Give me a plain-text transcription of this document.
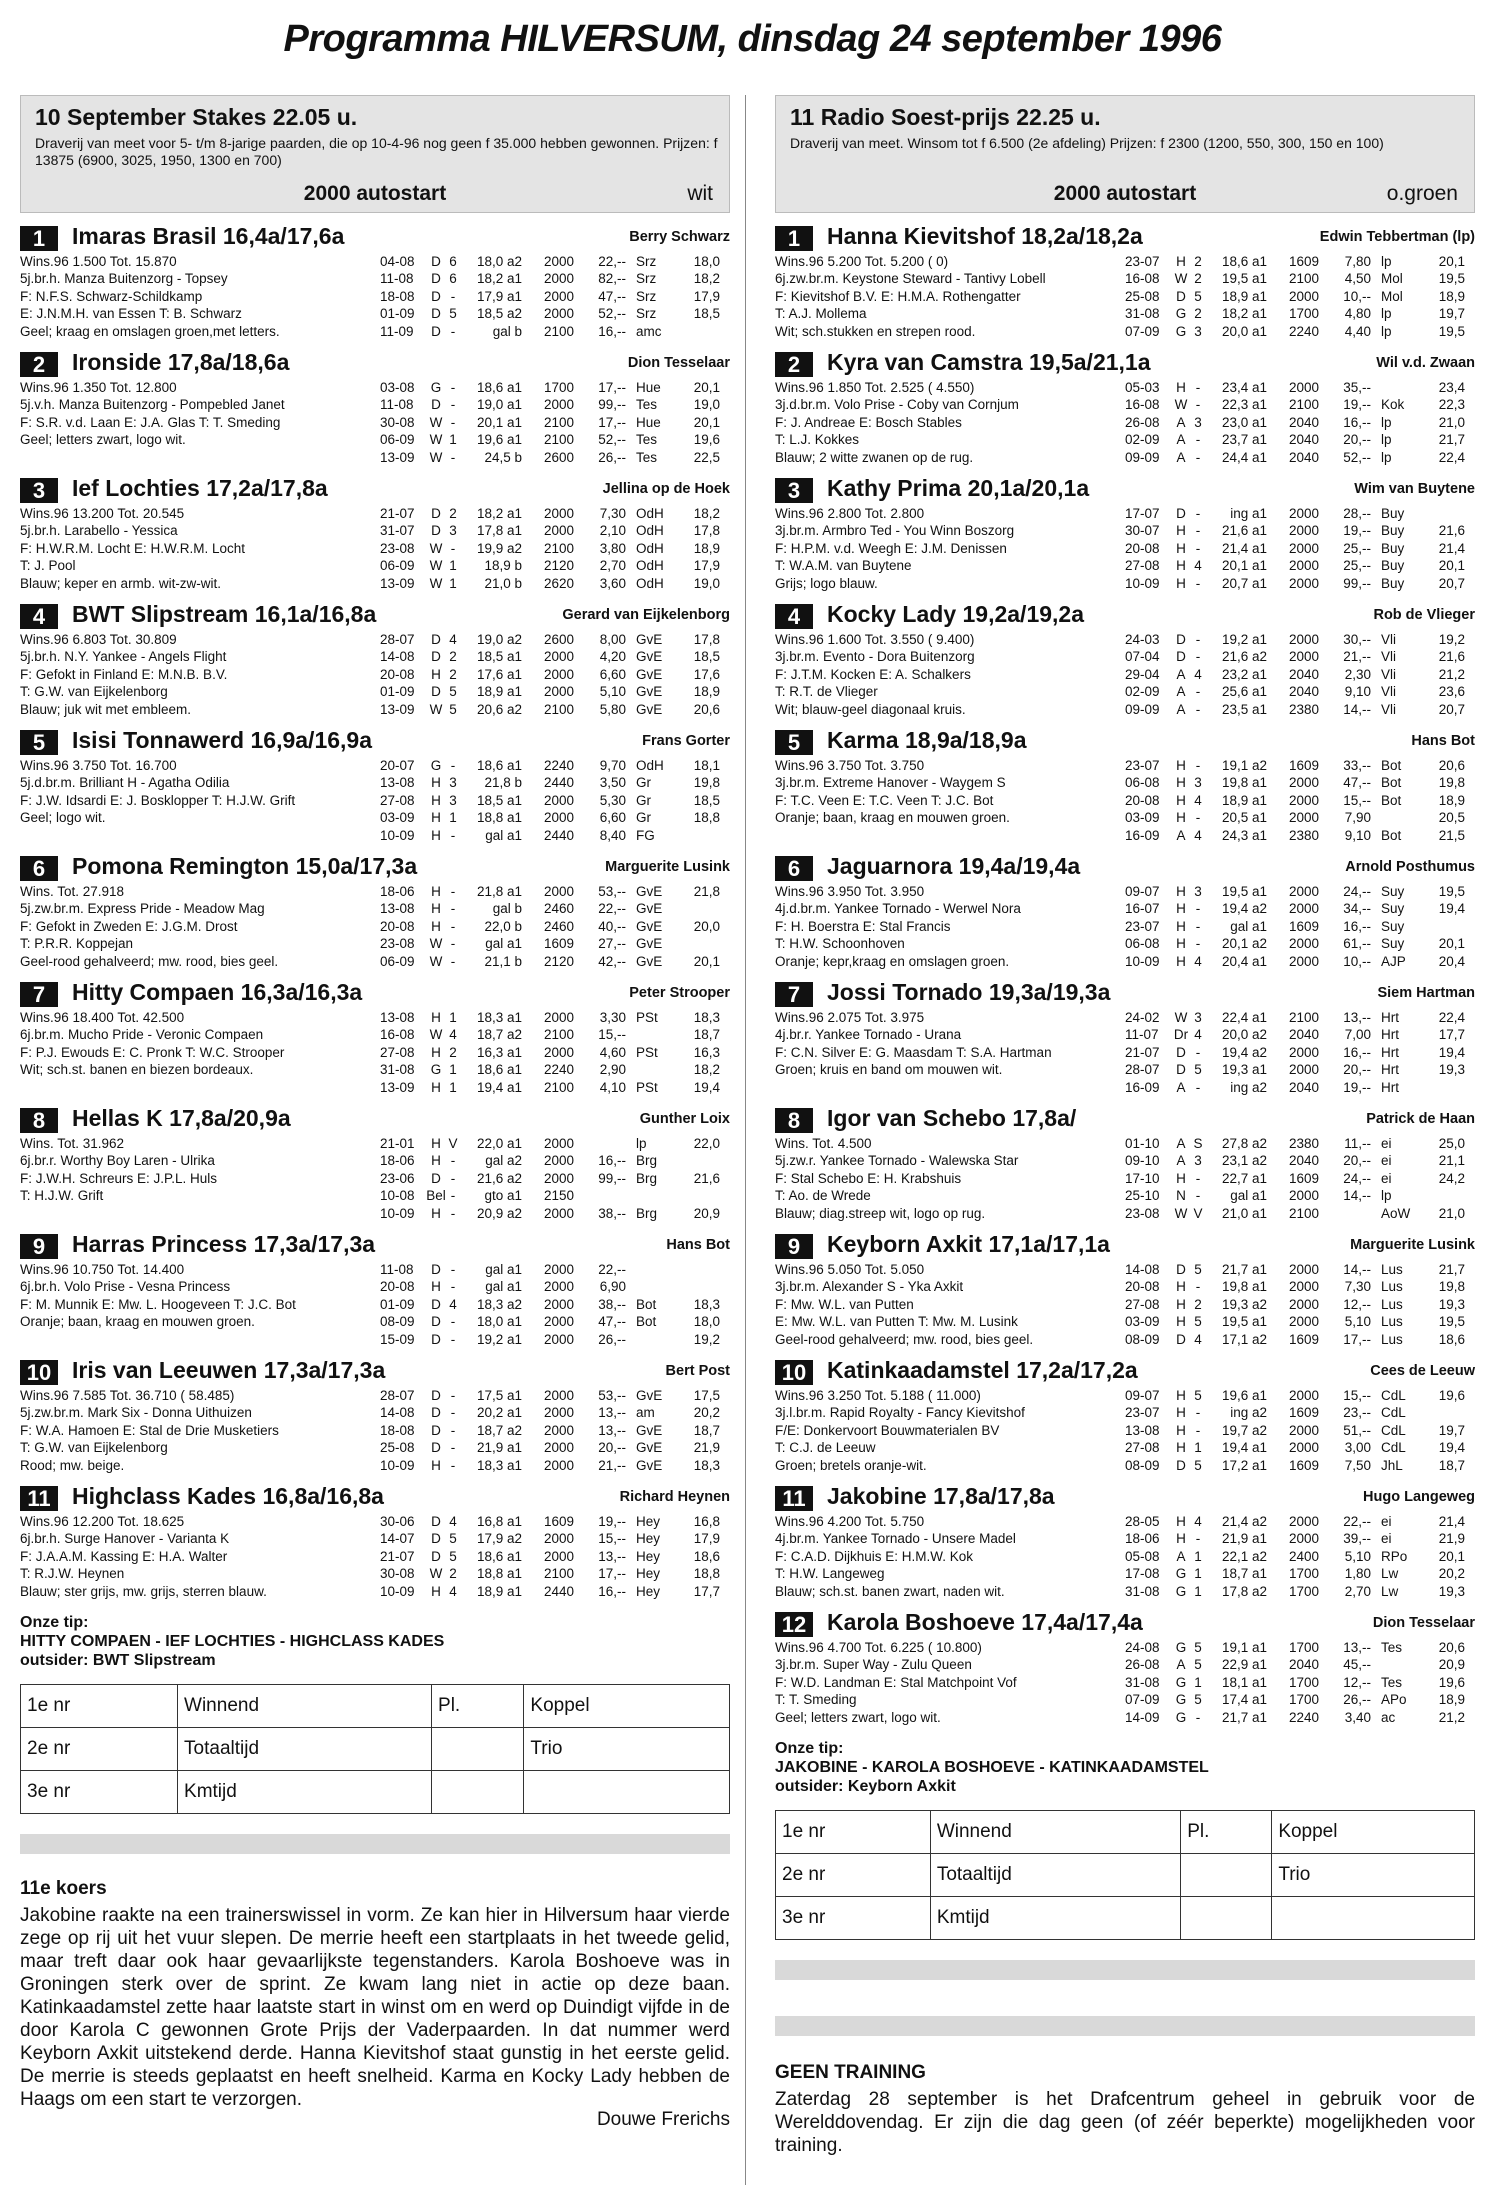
Programma HILVERSUM, dinsdag 24 september 1996
10 September Stakes 22.05 u.
Draverij van meet voor 5- t/m 8-jarige paarden, die op 10-4-96 nog geen f 35.000 hebben gewonnen. Prijzen: f 13875 (6900, 3025, 1950, 1300 en 700)
2000 autostart	wit
1	Imaras Brasil 16,4a/17,6a	Berry Schwarz
Wins.96 1.500 Tot. 15.870
5j.br.h. Manza Buitenzorg - Topsey
F: N.F.S. Schwarz-Schildkamp
E: J.N.M.H. van Essen T: B. Schwarz
Geel; kraag en omslagen groen,met letters.
04-08	D 6	18,0 a2	2000	22,-- Srz	18,0
11-08	D 6	18,2 a1	2000	82,-- Srz	18,2
18-08	D -	17,9 a1	2000	47,-- Srz	17,9
01-09	D 5	18,5 a2	2000	52,-- Srz	18,5
11-09	D -	gal b	2100	16,-- amc
2	Ironside 17,8a/18,6a	Dion Tesselaar
Wins.96 1.350 Tot. 12.800
5j.v.h. Manza Buitenzorg - Pompebled Janet
F: S.R. v.d. Laan E: J.A. Glas T: T. Smeding
Geel; letters zwart, logo wit.

03-08	G -	18,6 a1	1700	17,-- Hue	20,1
11-08	D -	19,0 a1	2000	99,-- Tes	19,0
30-08	W -	20,1 a1	2100	17,-- Hue	20,1
06-09	W 1	19,6 a1	2100	52,-- Tes	19,6
13-09	W -	24,5 b	2600	26,-- Tes	22,5
3	Ief Lochties 17,2a/17,8a	Jellina op de Hoek
Wins.96 13.200 Tot. 20.545
5j.br.h. Larabello - Yessica
F: H.W.R.M. Locht E: H.W.R.M. Locht
T: J. Pool
Blauw; keper en armb. wit-zw-wit.
21-07	D 2	18,2 a1	2000	7,30 OdH	18,2
31-07	D 3	17,8 a1	2000	2,10 OdH	17,8
23-08	W -	19,9 a2	2100	3,80 OdH	18,9
06-09	W 1	18,9 b	2120	2,70 OdH	17,9
13-09	W 1	21,0 b	2620	3,60 OdH	19,0
4	BWT Slipstream 16,1a/16,8a	Gerard van Eijkelenborg
Wins.96 6.803 Tot. 30.809
5j.br.h. N.Y. Yankee - Angels Flight
F: Gefokt in Finland E: M.N.B. B.V.
T: G.W. van Eijkelenborg
Blauw; juk wit met embleem.
28-07	D 4	19,0 a2	2600	8,00 GvE	17,8
14-08	D 2	18,5 a1	2000	4,20 GvE	18,5
20-08	H 2	17,6 a1	2000	6,60 GvE	17,6
01-09	D 5	18,9 a1	2000	5,10 GvE	18,9
13-09	W 5	20,6 a2	2100	5,80 GvE	20,6
5	Isisi Tonnawerd 16,9a/16,9a	Frans Gorter
Wins.96 3.750 Tot. 16.700
5j.d.br.m. Brilliant H - Agatha Odilia
F: J.W. Idsardi E: J. Bosklopper T: H.J.W. Grift
Geel; logo wit.

20-07	G -	18,6 a1	2240	9,70 OdH	18,1
13-08	H 3	21,8 b	2440	3,50 Gr	19,8
27-08	H 3	18,5 a1	2000	5,30 Gr	18,5
03-09	H 1	18,8 a1	2000	6,60 Gr	18,8
10-09	H -	gal a1	2440	8,40 FG
6	Pomona Remington 15,0a/17,3a	Marguerite Lusink
Wins. Tot. 27.918
5j.zw.br.m. Express Pride - Meadow Mag
F: Gefokt in Zweden E: J.G.M. Drost
T: P.R.R. Koppejan
Geel-rood gehalveerd; mw. rood, bies geel.
18-06	H -	21,8 a1	2000	53,-- GvE	21,8
13-08	H -	gal b	2460	22,-- GvE
20-08	H -	22,0 b	2460	40,-- GvE	20,0
23-08	W -	gal a1	1609	27,-- GvE
06-09	W -	21,1 b	2120	42,-- GvE	20,1
7	Hitty Compaen 16,3a/16,3a	Peter Strooper
Wins.96 18.400 Tot. 42.500
6j.br.m. Mucho Pride - Veronic Compaen
F: P.J. Ewouds E: C. Pronk T: W.C. Strooper
Wit; sch.st. banen en biezen bordeaux.

13-08	H 1	18,3 a1	2000	3,30 PSt	18,3
16-08	W 4	18,7 a2	2100	15,--	18,7
27-08	H 2	16,3 a1	2000	4,60 PSt	16,3
31-08	G 1	18,6 a1	2240	2,90	18,2
13-09	H 1	19,4 a1	2100	4,10 PSt	19,4
8	Hellas K 17,8a/20,9a	Gunther Loix
Wins. Tot. 31.962
6j.br.r. Worthy Boy Laren - Ulrika
F: J.W.H. Schreurs E: J.P.L. Huls
T: H.J.W. Grift

21-01	H V	22,0 a1	2000	lp	22,0
18-06	H -	gal a2	2000	16,-- Brg
23-06	D -	21,6 a2	2000	99,-- Brg	21,6
10-08 Bel -	gto a1	2150
10-09	H -	20,9 a2	2000	38,-- Brg	20,9
9	Harras Princess 17,3a/17,3a	Hans Bot
Wins.96 10.750 Tot. 14.400
6j.br.h. Volo Prise - Vesna Princess
F: M. Munnik E: Mw. L. Hoogeveen T: J.C. Bot
Oranje; baan, kraag en mouwen groen.

11-08	D -	gal a1	2000	22,--
20-08	H -	gal a1	2000	6,90
01-09	D 4	18,3 a2	2000	38,-- Bot	18,3
08-09	D -	18,0 a1	2000	47,-- Bot	18,0
15-09	D -	19,2 a1	2000	26,--	19,2
10 Iris van Leeuwen 17,3a/17,3a	Bert Post
Wins.96 7.585 Tot. 36.710 ( 58.485)
5j.zw.br.m. Mark Six - Donna Uithuizen
F: W.A. Hamoen E: Stal de Drie Musketiers
T: G.W. van Eijkelenborg
Rood; mw. beige.
28-07	D -	17,5 a1	2000	53,-- GvE	17,5
14-08	D -	20,2 a1	2000	13,-- am	20,2
18-08	D -	18,7 a2	2000	13,-- GvE	18,7
25-08	D -	21,9 a1	2000	20,-- GvE	21,9
10-09	H -	18,3 a1	2000	21,-- GvE	18,3
11 Highclass Kades 16,8a/16,8a	Richard Heynen
Wins.96 12.200 Tot. 18.625
6j.br.h. Surge Hanover - Varianta K
F: J.A.A.M. Kassing E: H.A. Walter
T: R.J.W. Heynen
Blauw; ster grijs, mw. grijs, sterren blauw.
30-06	D 4	16,8 a1	1609	19,-- Hey	16,8
14-07	D 5	17,9 a2	2000	15,-- Hey	17,9
21-07	D 5	18,6 a1	2000	13,-- Hey	18,6
30-08	W 2	18,8 a1	2100	17,-- Hey	18,8
10-09	H 4	18,9 a1	2440	16,-- Hey	17,7
Onze tip:
HITTY COMPAEN - IEF LOCHTIES - HIGHCLASS KADES
outsider: BWT Slipstream
1e nr	Winnend	Pl.	Koppel
2e nr	Totaaltijd		Trio
3e nr	Kmtijd		
11e koers
Jakobine raakte na een trainerswissel in vorm. Ze kan hier in Hilversum haar vierde zege op rij uit het vuur slepen. De merrie heeft een startplaats in het tweede gelid, maar treft daar ook haar gevaarlijkste tegenstanders. Karola Boshoeve was in Groningen sterk over de sprint. Ze kwam lang niet in actie op deze baan. Katinkaadamstel zette haar laatste start in winst om en werd op Duindigt vijfde in de door Karola C gewonnen Grote Prijs der Vaderpaarden. In dat nummer werd Keyborn Axkit uitstekend derde. Hanna Kievitshof staat gunstig in het eerste gelid. De merrie is steeds geplaatst en heeft snelheid. Karma en Kocky Lady hebben de Haags om een start te verzorgen.
Douwe Frerichs
11 Radio Soest-prijs 22.25 u.
Draverij van meet. Winsom tot f 6.500 (2e afdeling) Prijzen: f 2300 (1200, 550, 300, 150 en 100)
2000 autostart	o.groen
1	Hanna Kievitshof 18,2a/18,2a	Edwin Tebbertman (lp)
Wins.96 5.200 Tot. 5.200 ( 0)
6j.zw.br.m. Keystone Steward - Tantivy Lobell
F: Kievitshof B.V. E: H.M.A. Rothengatter
T: A.J. Mollema
Wit; sch.stukken en strepen rood.
23-07	H 2	18,6 a1	1609	7,80 lp	20,1
16-08	W 2	19,5 a1	2100	4,50 Mol	19,5
25-08	D 5	18,9 a1	2000	10,-- Mol	18,9
31-08	G 2	18,2 a1	1700	4,80 lp	19,7
07-09	G 3	20,0 a1	2240	4,40 lp	19,5
2	Kyra van Camstra 19,5a/21,1a	Wil v.d. Zwaan
Wins.96 1.850 Tot. 2.525 ( 4.550)
3j.d.br.m. Volo Prise - Coby van Cornjum
F: J. Andreae E: Bosch Stables
T: L.J. Kokkes
Blauw; 2 witte zwanen op de rug.
05-03	H -	23,4 a1	2000	35,--	23,4
16-08	W -	22,3 a1	2100	19,-- Kok	22,3
26-08	A 3	23,0 a1	2040	16,-- lp	21,0
02-09	A -	23,7 a1	2040	20,-- lp	21,7
09-09	A -	24,4 a1	2040	52,-- lp	22,4
3	Kathy Prima 20,1a/20,1a	Wim van Buytene
Wins.96 2.800 Tot. 2.800
3j.br.m. Armbro Ted - You Winn Boszorg
F: H.P.M. v.d. Weegh E: J.M. Denissen
T: W.A.M. van Buytene
Grijs; logo blauw.
17-07	D -	ing a1	2000	28,-- Buy
30-07	H -	21,6 a1	2000	19,-- Buy	21,6
20-08	H -	21,4 a1	2000	25,-- Buy	21,4
27-08	H 4	20,1 a1	2000	25,-- Buy	20,1
10-09	H -	20,7 a1	2000	99,-- Buy	20,7
4	Kocky Lady 19,2a/19,2a	Rob de Vlieger
Wins.96 1.600 Tot. 3.550 ( 9.400)
3j.br.m. Evento - Dora Buitenzorg
F: J.T.M. Kocken E: A. Schalkers
T: R.T. de Vlieger
Wit; blauw-geel diagonaal kruis.
24-03	D -	19,2 a1	2000	30,-- Vli	19,2
07-04	D -	21,6 a2	2000	21,-- Vli	21,6
29-04	A 4	23,2 a1	2040	2,30 Vli	21,2
02-09	A -	25,6 a1	2040	9,10 Vli	23,6
09-09	A -	23,5 a1	2380	14,-- Vli	20,7
5	Karma 18,9a/18,9a	Hans Bot
Wins.96 3.750 Tot. 3.750
3j.br.m. Extreme Hanover - Waygem S
F: T.C. Veen E: T.C. Veen T: J.C. Bot
Oranje; baan, kraag en mouwen groen.

23-07	H -	19,1 a2	1609	33,-- Bot	20,6
06-08	H 3	19,8 a1	2000	47,-- Bot	19,8
20-08	H 4	18,9 a1	2000	15,-- Bot	18,9
03-09	H -	20,5 a1	2000	7,90	20,5
16-09	A 4	24,3 a1	2380	9,10 Bot	21,5
6	Jaguarnora 19,4a/19,4a	Arnold Posthumus
Wins.96 3.950 Tot. 3.950
4j.d.br.m. Yankee Tornado - Werwel Nora
F: H. Boerstra E: Stal Francis
T: H.W. Schoonhoven
Oranje; kepr,kraag en omslagen groen.
09-07	H 3	19,5 a1	2000	24,-- Suy	19,5
16-07	H -	19,4 a2	2000	34,-- Suy	19,4
23-07	H -	gal a1	1609	16,-- Suy
06-08	H -	20,1 a2	2000	61,-- Suy	20,1
10-09	H 4	20,4 a1	2000	10,-- AJP	20,4
7	Jossi Tornado 19,3a/19,3a	Siem Hartman
Wins.96 2.075 Tot. 3.975
4j.br.r. Yankee Tornado - Urana
F: C.N. Silver E: G. Maasdam T: S.A. Hartman
Groen; kruis en band om mouwen wit.

24-02	W 3	22,4 a1	2100	13,-- Hrt	22,4
11-07	Dr 4	20,0 a2	2040	7,00 Hrt	17,7
21-07	D -	19,4 a2	2000	16,-- Hrt	19,4
28-07	D 5	19,3 a1	2000	20,-- Hrt	19,3
16-09	A -	ing a2	2040	19,-- Hrt
8	Igor van Schebo 17,8a/	Patrick de Haan
Wins. Tot. 4.500
5j.zw.r. Yankee Tornado - Walewska Star
F: Stal Schebo E: H. Krabshuis
T: Ao. de Wrede
Blauw; diag.streep wit, logo op rug.
01-10	A S	27,8 a2	2380	11,-- ei	25,0
09-10	A 3	23,1 a2	2040	20,-- ei	21,1
17-10	H -	22,7 a1	1609	24,-- ei	24,2
25-10	N -	gal a1	2000	14,-- lp
23-08	W V	21,0 a1	2100	AoW	21,0
9	Keyborn Axkit 17,1a/17,1a	Marguerite Lusink
Wins.96 5.050 Tot. 5.050
3j.br.m. Alexander S - Yka Axkit
F: Mw. W.L. van Putten
E: Mw. W.L. van Putten T: Mw. M. Lusink
Geel-rood gehalveerd; mw. rood, bies geel.
14-08	D 5	21,7 a1	2000	14,-- Lus	21,7
20-08	H -	19,8 a1	2000	7,30 Lus	19,8
27-08	H 2	19,3 a2	2000	12,-- Lus	19,3
03-09	H 5	19,5 a1	2000	5,10 Lus	19,5
08-09	D 4	17,1 a2	1609	17,-- Lus	18,6
10 Katinkaadamstel 17,2a/17,2a	Cees de Leeuw
Wins.96 3.250 Tot. 5.188 ( 11.000)
3j.l.br.m. Rapid Royalty - Fancy Kievitshof
F/E: Donkervoort Bouwmaterialen BV
T: C.J. de Leeuw
Groen; bretels oranje-wit.
09-07	H 5	19,6 a1	2000	15,-- CdL	19,6
23-07	H -	ing a2	1609	23,-- CdL
13-08	H -	19,7 a2	2000	51,-- CdL	19,7
27-08	H 1	19,4 a1	2000	3,00 CdL	19,4
08-09	D 5	17,2 a1	1609	7,50 JhL	18,7
11 Jakobine 17,8a/17,8a	Hugo Langeweg
Wins.96 4.200 Tot. 5.750
4j.br.m. Yankee Tornado - Unsere Madel
F: C.A.D. Dijkhuis E: H.M.W. Kok
T: H.W. Langeweg
Blauw; sch.st. banen zwart, naden wit.
28-05	H 4	21,4 a2	2000	22,-- ei	21,4
18-06	H -	21,9 a1	2000	39,-- ei	21,9
05-08	A 1	22,1 a2	2400	5,10 RPo	20,1
17-08	G 1	18,7 a1	1700	1,80 Lw	20,2
31-08	G 1	17,8 a2	1700	2,70 Lw	19,3
12 Karola Boshoeve 17,4a/17,4a	Dion Tesselaar
Wins.96 4.700 Tot. 6.225 ( 10.800)
3j.br.m. Super Way - Zulu Queen
F: W.D. Landman E: Stal Matchpoint Vof
T: T. Smeding
Geel; letters zwart, logo wit.
24-08	G 5	19,1 a1	1700	13,-- Tes	20,6
26-08	A 5	22,9 a1	2040	45,--	20,9
31-08	G 1	18,1 a1	1700	12,-- Tes	19,6
07-09	G 5	17,4 a1	1700	26,-- APo	18,9
14-09	G -	21,7 a1	2240	3,40 ac	21,2
Onze tip:
JAKOBINE - KAROLA BOSHOEVE - KATINKAADAMSTEL
outsider: Keyborn Axkit
1e nr	Winnend	Pl.	Koppel
2e nr	Totaaltijd		Trio
3e nr	Kmtijd		
GEEN TRAINING
Zaterdag 28 september is het Drafcentrum geheel in gebruik voor de Werelddovendag. Er zijn die dag geen (of zéér beperkte) mogelijkheden voor training.
